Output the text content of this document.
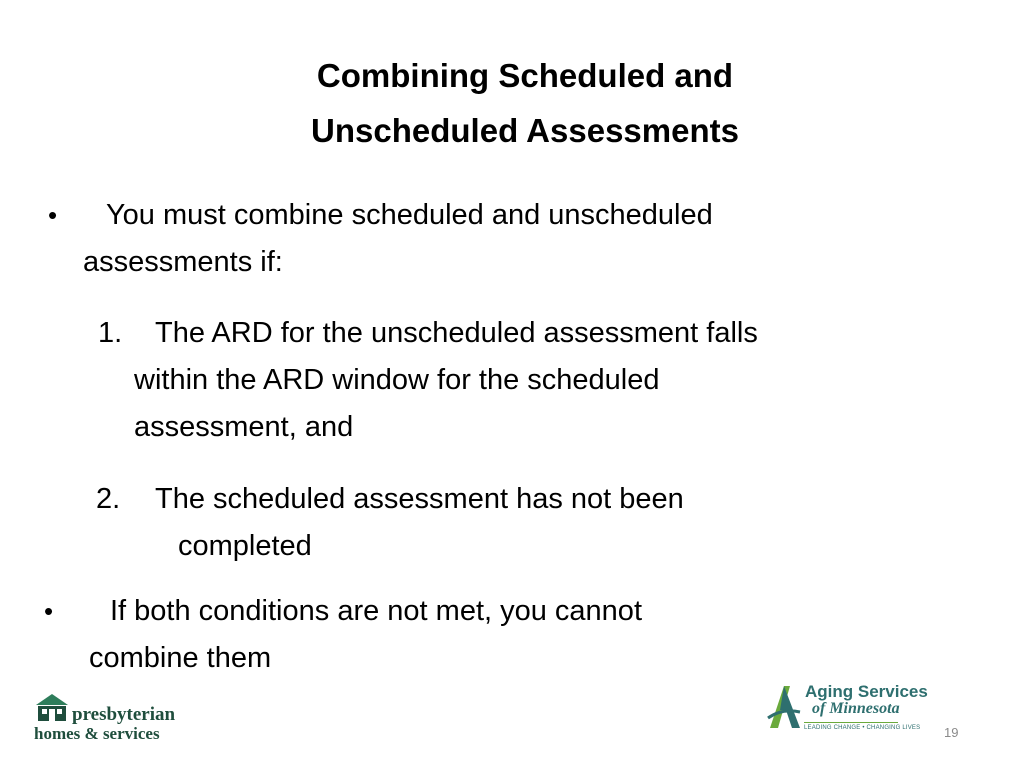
Combining Scheduled and
Unscheduled Assessments
• You must combine scheduled and unscheduled
assessments if:
1. The ARD for the unscheduled assessment falls
within the ARD window for the scheduled
assessment, and
2. The scheduled assessment has not been
completed
• If both conditions are not met, you cannot
combine them
presbyterian
homes & services
Aging Services
of Minnesota
LEADING CHANGE • CHANGING LIVES 19
